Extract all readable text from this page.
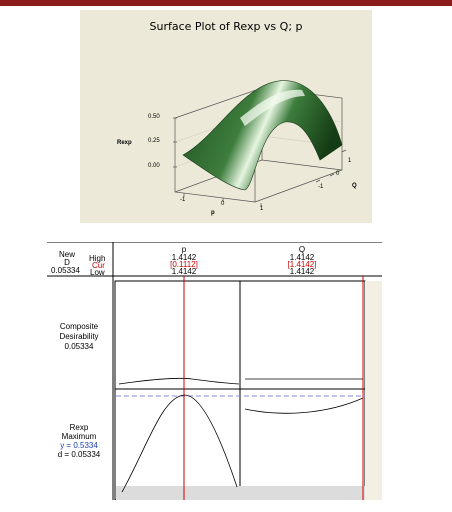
Surface Plot of Rexp vs Q; p
0.50
0.25
0.00
Rexp
-1
0
1
p
1
0
-1	Q
New
D
0.05334
High
Cur
Low
p
1.4142
[0.1112]
1.4142
Q
1.4142
[1.4142]
1.4142
Composite
Desirability
0.05334
Rexp
Maximum
y = 0.5334
d = 0.05334
